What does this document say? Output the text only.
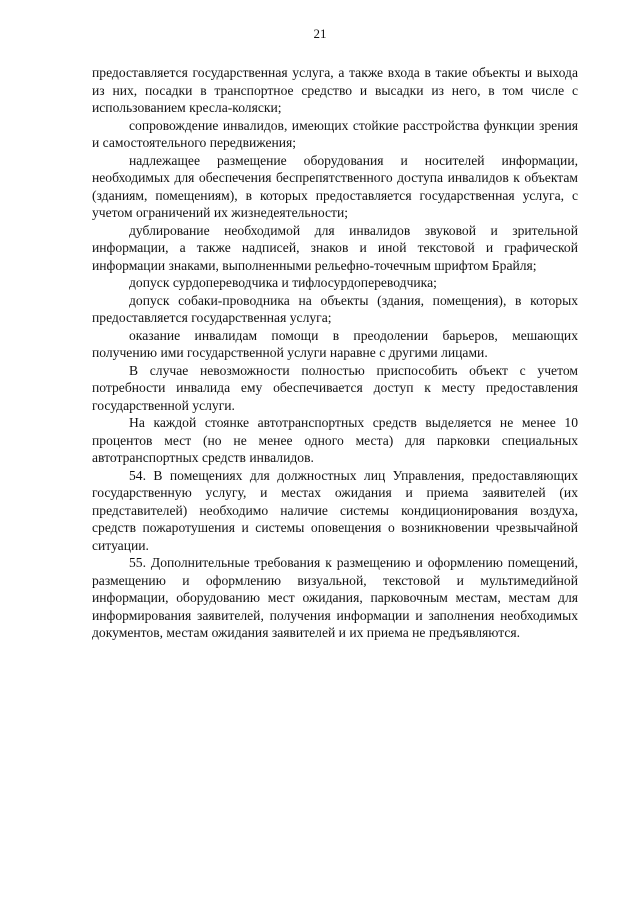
21

предоставляется государственная услуга, а также входа в такие объекты и выхода из них, посадки в транспортное средство и высадки из него, в том числе с использованием кресла-коляски;

сопровождение инвалидов, имеющих стойкие расстройства функции зрения и самостоятельного передвижения;

надлежащее размещение оборудования и носителей информации, необходимых для обеспечения беспрепятственного доступа инвалидов к объектам (зданиям, помещениям), в которых предоставляется государственная услуга, с учетом ограничений их жизнедеятельности;

дублирование необходимой для инвалидов звуковой и зрительной информации, а также надписей, знаков и иной текстовой и графической информации знаками, выполненными рельефно-точечным шрифтом Брайля;

допуск сурдопереводчика и тифлосурдопереводчика;

допуск собаки-проводника на объекты (здания, помещения), в которых предоставляется государственная услуга;

оказание инвалидам помощи в преодолении барьеров, мешающих получению ими государственной услуги наравне с другими лицами.

В случае невозможности полностью приспособить объект с учетом потребности инвалида ему обеспечивается доступ к месту предоставления государственной услуги.

На каждой стоянке автотранспортных средств выделяется не менее 10 процентов мест (но не менее одного места) для парковки специальных автотранспортных средств инвалидов.

54. В помещениях для должностных лиц Управления, предоставляющих государственную услугу, и местах ожидания и приема заявителей (их представителей) необходимо наличие системы кондиционирования воздуха, средств пожаротушения и системы оповещения о возникновении чрезвычайной ситуации.

55. Дополнительные требования к размещению и оформлению помещений, размещению и оформлению визуальной, текстовой и мультимедийной информации, оборудованию мест ожидания, парковочным местам, местам для информирования заявителей, получения информации и заполнения необходимых документов, местам ожидания заявителей и их приема не предъявляются.
